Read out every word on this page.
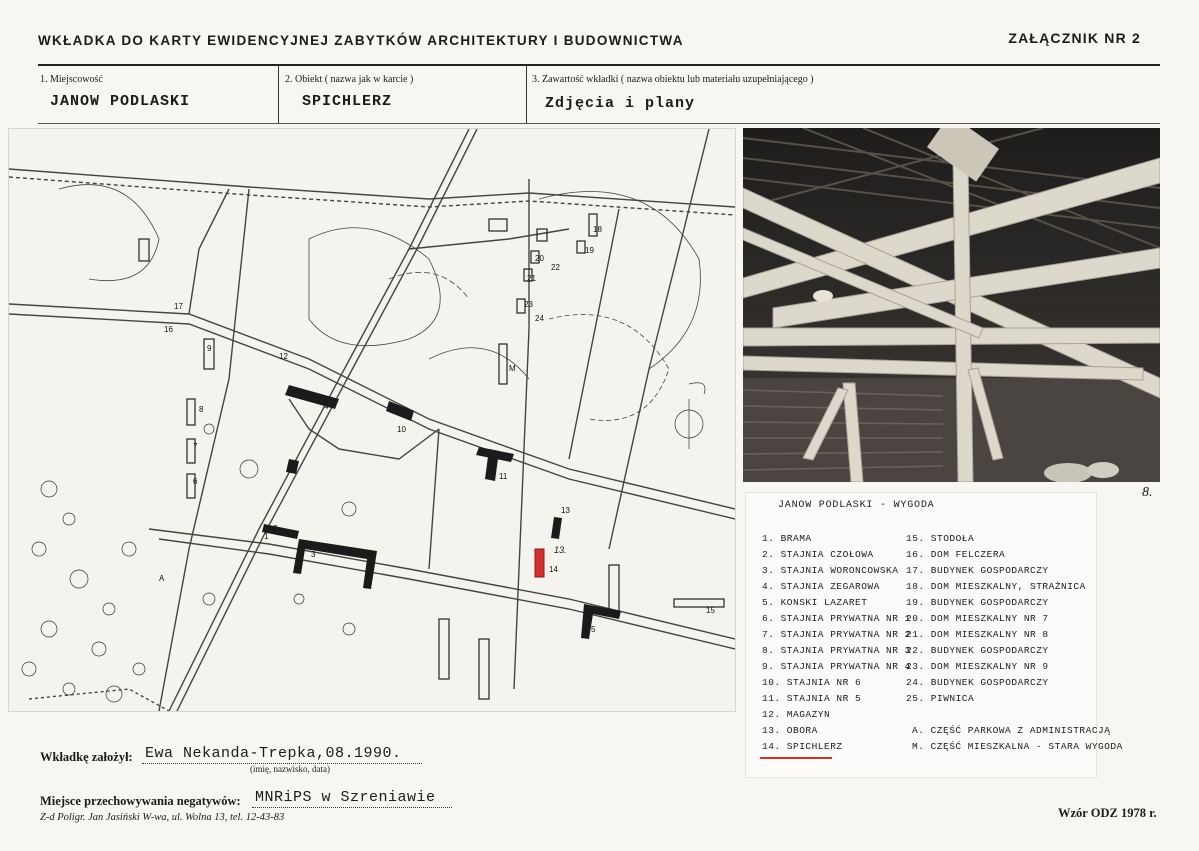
WKŁADKA DO KARTY EWIDENCYJNEJ ZABYTKÓW ARCHITEKTURY I BUDOWNICTWA	ZAŁĄCZNIK NR 2
1. Miejscowość
JANOW PODLASKI
2. Obiekt ( nazwa jak w karcie )
SPICHLERZ
3. Zawartość wkładki ( nazwa obiektu lub materiału uzupełniającego )
Zdjęcia i plany
1
2
3
4
5
6
7
8
9
10
11
12
13
14
15
16
17
18
19
20
21
22
23
24
A
M
13.
8.
JANOW PODLASKI - WYGODA
1. BRAMA
2. STAJNIA CZOŁOWA
3. STAJNIA WORONCOWSKA
4. STAJNIA ZEGAROWA
5. KONSKI LAZARET
6. STAJNIA PRYWATNA NR 1
7. STAJNIA PRYWATNA NR 2
8. STAJNIA PRYWATNA NR 3
9. STAJNIA PRYWATNA NR 4
10. STAJNIA NR 6
11. STAJNIA NR 5
12. MAGAZYN
13. OBORA
14. SPICHLERZ
15. STODOŁA
16. DOM FELCZERA
17. BUDYNEK GOSPODARCZY
18. DOM MIESZKALNY, STRAŻNICA
19. BUDYNEK GOSPODARCZY
20. DOM MIESZKALNY NR 7
21. DOM MIESZKALNY NR 8
22. BUDYNEK GOSPODARCZY
23. DOM MIESZKALNY NR 9
24. BUDYNEK GOSPODARCZY
25. PIWNICA
A. CZĘŚĆ PARKOWA Z ADMINISTRACJĄ
M. CZĘŚĆ MIESZKALNA - STARA WYGODA
Wkładkę założył: Ewa Nekanda-Trepka,08.1990.
(imię, nazwisko, data)
Miejsce przechowywania negatywów: MNRiPS w Szreniawie
Z-d Poligr. Jan Jasiński W-wa, ul. Wolna 13, tel. 12-43-83	Wzór ODZ 1978 r.
